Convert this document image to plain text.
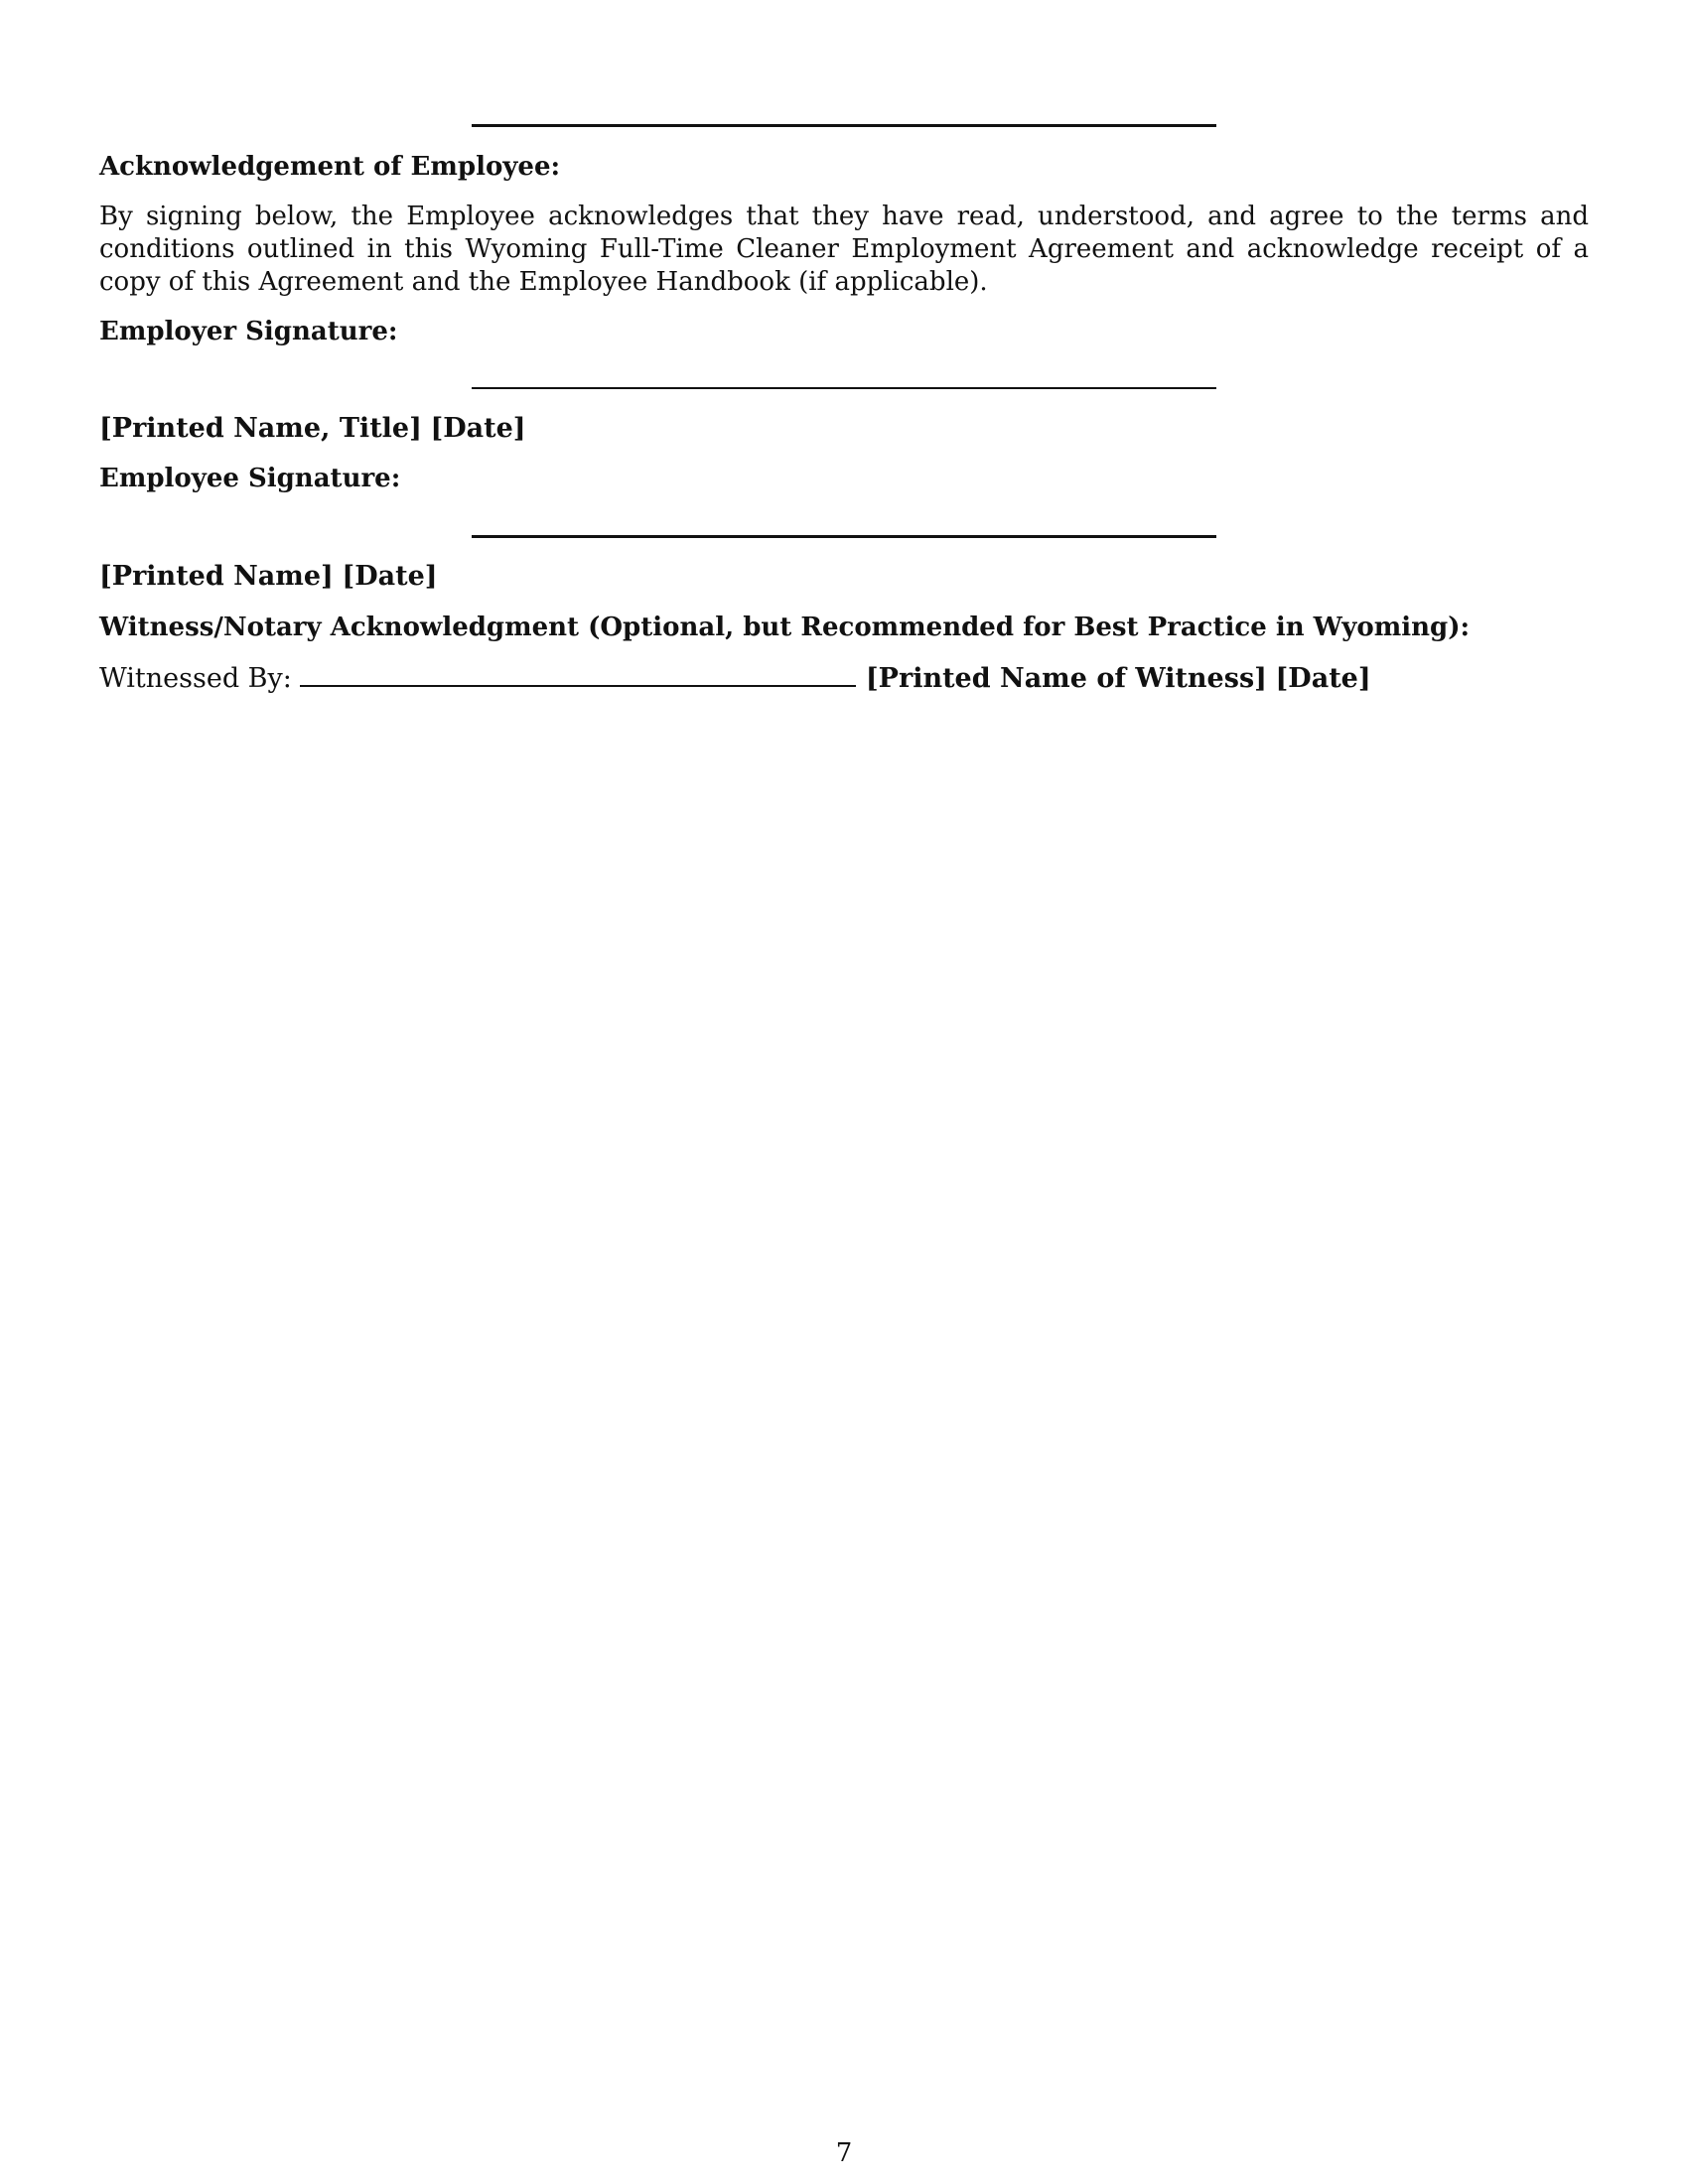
Acknowledgement of Employee:
By signing below, the Employee acknowledges that they have read, understood, and agree to the terms and conditions outlined in this Wyoming Full-Time Cleaner Employment Agreement and acknowledge receipt of a copy of this Agreement and the Employee Handbook (if applicable).
Employer Signature:
[Printed Name, Title] [Date]
Employee Signature:
[Printed Name] [Date]
Witness/Notary Acknowledgment (Optional, but Recommended for Best Practice in Wyoming):
Witnessed By:	[Printed Name of Witness] [Date]
7
